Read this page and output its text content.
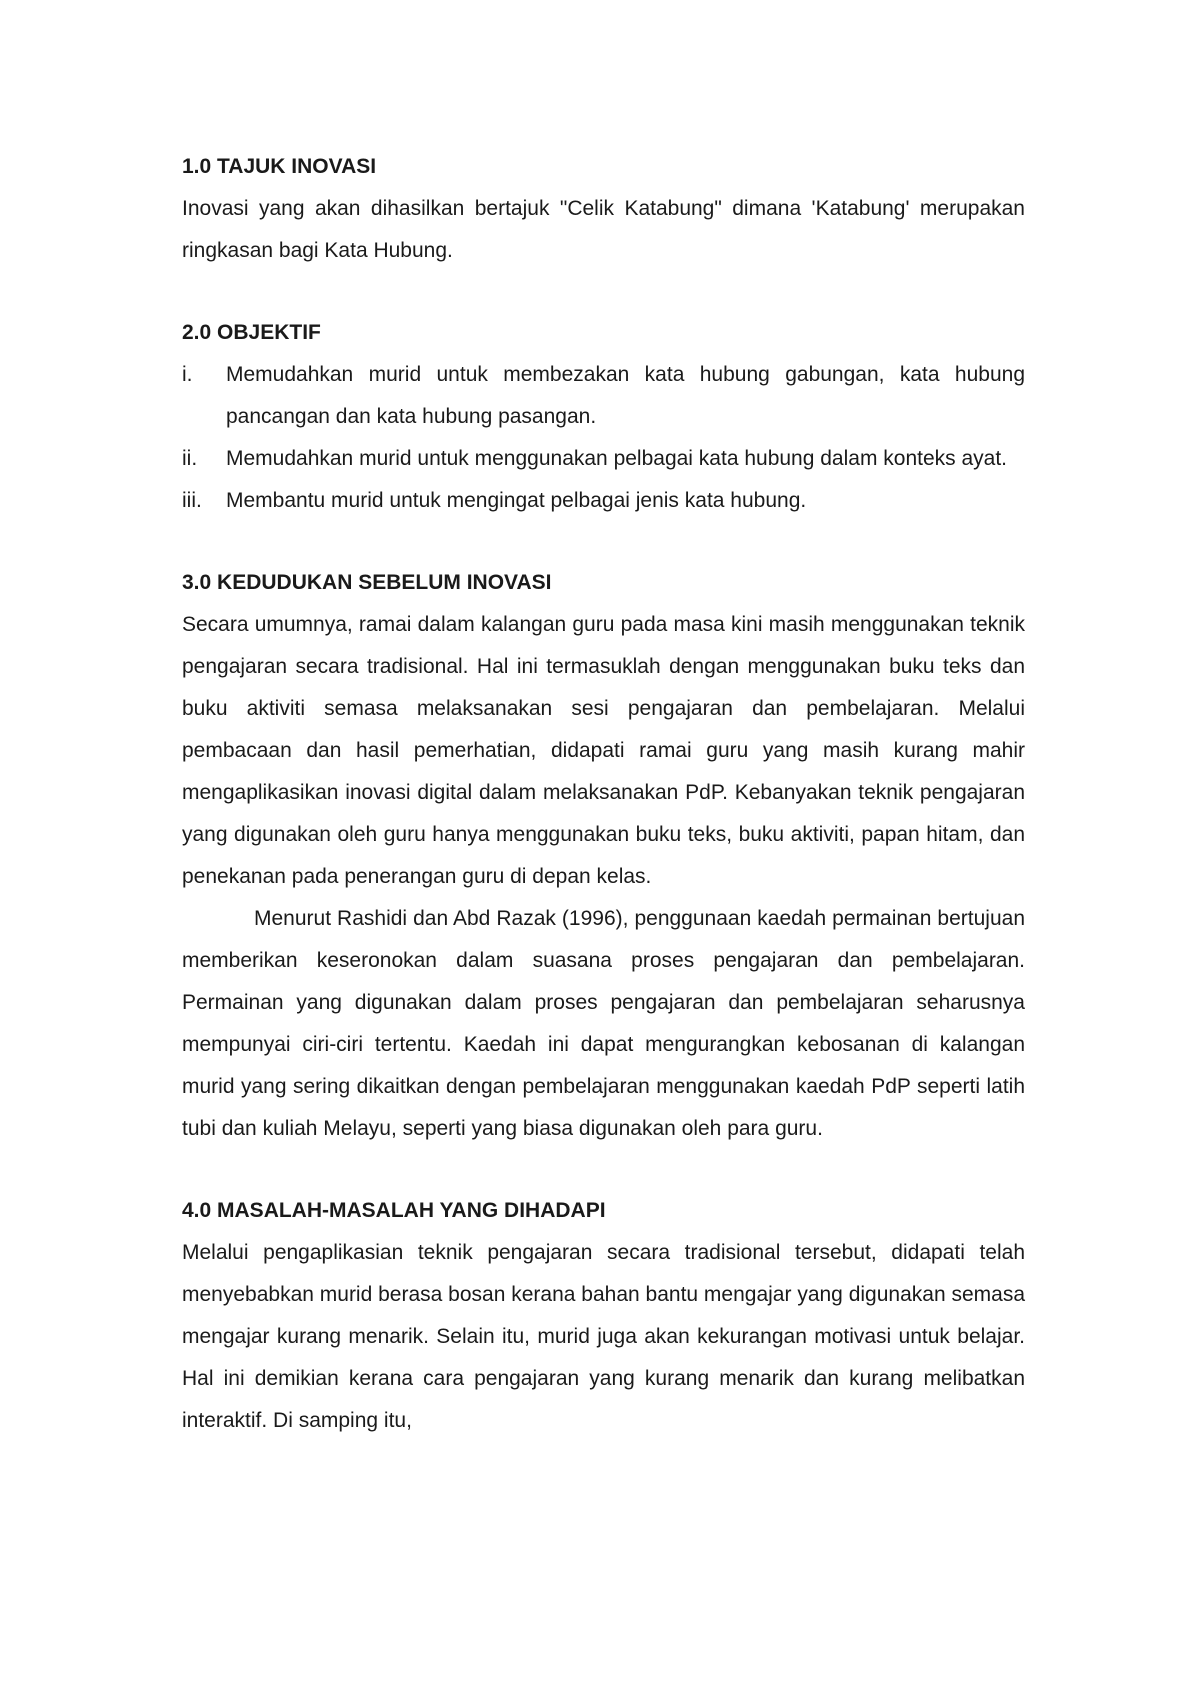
1.0 TAJUK INOVASI

Inovasi yang akan dihasilkan bertajuk "Celik Katabung" dimana 'Katabung' merupakan ringkasan bagi Kata Hubung.

2.0 OBJEKTIF
i.	Memudahkan murid untuk membezakan kata hubung gabungan, kata hubung pancangan dan kata hubung pasangan.
ii.	Memudahkan murid untuk menggunakan pelbagai kata hubung dalam konteks ayat.
iii.	Membantu murid untuk mengingat pelbagai jenis kata hubung.
3.0 KEDUDUKAN SEBELUM INOVASI

Secara umumnya, ramai dalam kalangan guru pada masa kini masih menggunakan teknik pengajaran secara tradisional. Hal ini termasuklah dengan menggunakan buku teks dan buku aktiviti semasa melaksanakan sesi pengajaran dan pembelajaran. Melalui pembacaan dan hasil pemerhatian, didapati ramai guru yang masih kurang mahir mengaplikasikan inovasi digital dalam melaksanakan PdP. Kebanyakan teknik pengajaran yang digunakan oleh guru hanya menggunakan buku teks, buku aktiviti, papan hitam, dan penekanan pada penerangan guru di depan kelas.

Menurut Rashidi dan Abd Razak (1996), penggunaan kaedah permainan bertujuan memberikan keseronokan dalam suasana proses pengajaran dan pembelajaran. Permainan yang digunakan dalam proses pengajaran dan pembelajaran seharusnya mempunyai ciri-ciri tertentu. Kaedah ini dapat mengurangkan kebosanan di kalangan murid yang sering dikaitkan dengan pembelajaran menggunakan kaedah PdP seperti latih tubi dan kuliah Melayu, seperti yang biasa digunakan oleh para guru.

4.0 MASALAH-MASALAH YANG DIHADAPI

Melalui pengaplikasian teknik pengajaran secara tradisional tersebut, didapati telah menyebabkan murid berasa bosan kerana bahan bantu mengajar yang digunakan semasa mengajar kurang menarik. Selain itu, murid juga akan kekurangan motivasi untuk belajar. Hal ini demikian kerana cara pengajaran yang kurang menarik dan kurang melibatkan interaktif. Di samping itu,
